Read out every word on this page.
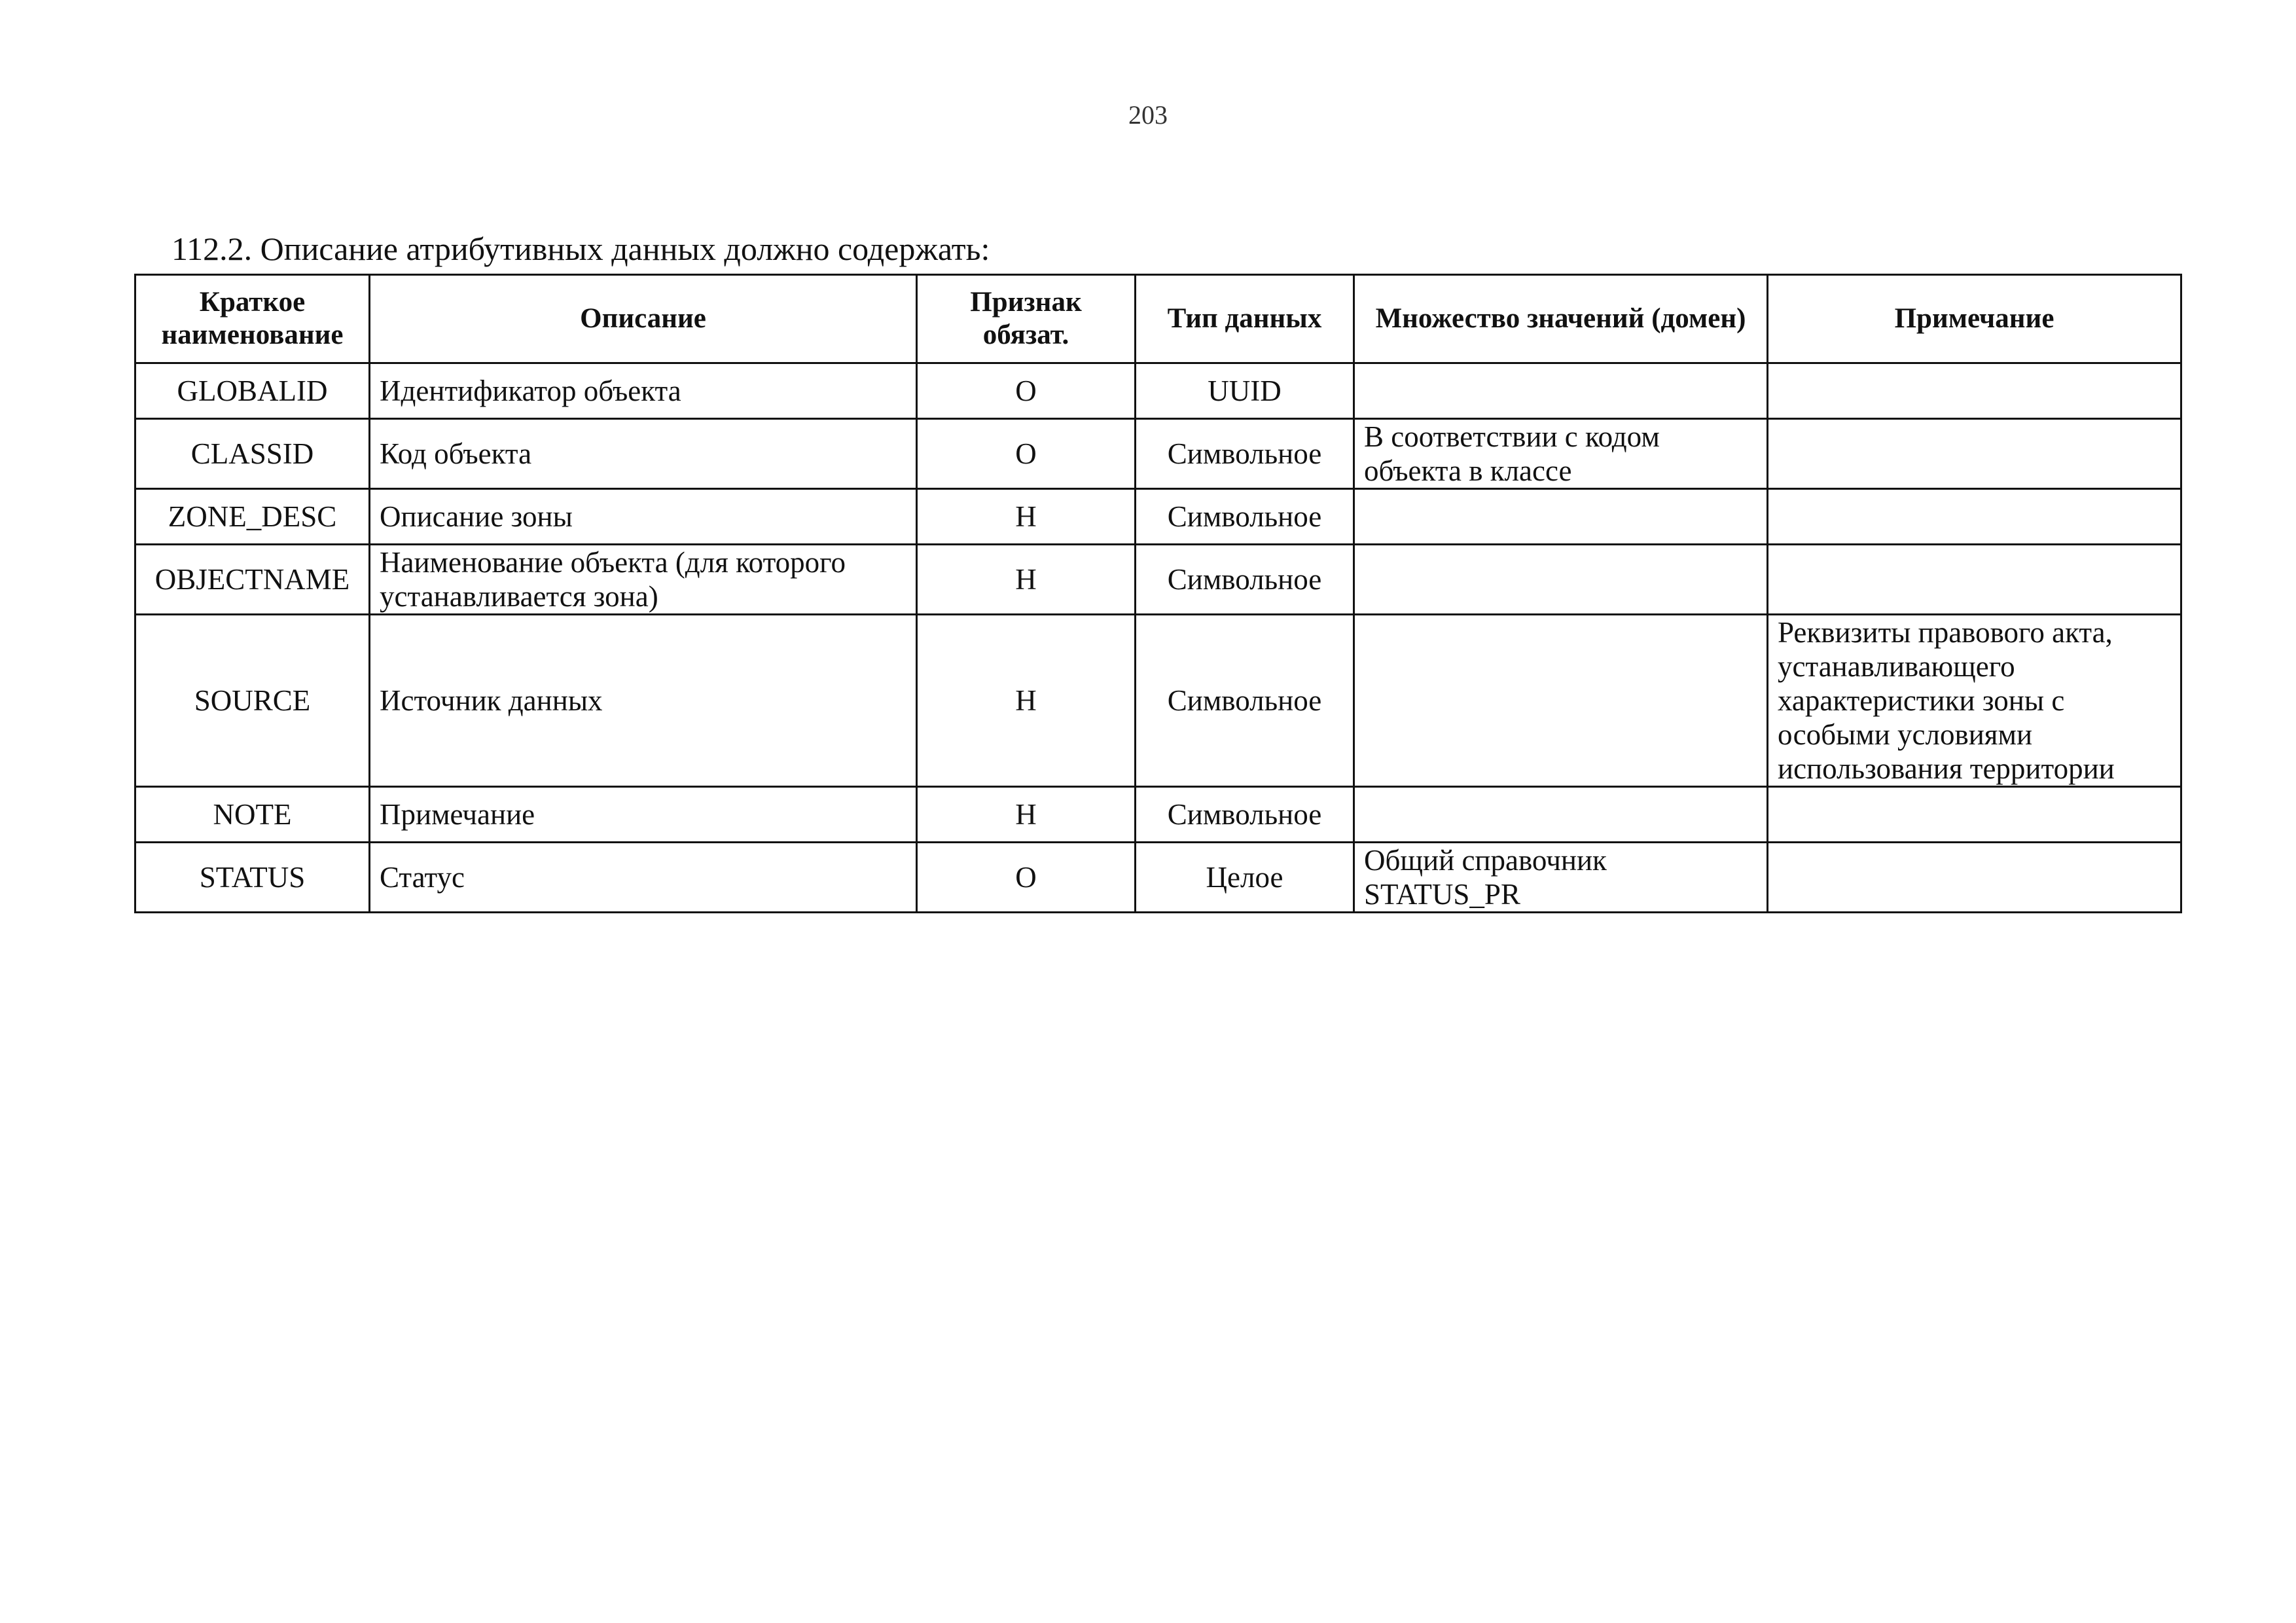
203
112.2. Описание атрибутивных данных должно содержать:
Краткое наименование	Описание	Признак обязат.	Тип данных	Множество значений (домен)	Примечание
GLOBALID	Идентификатор объекта	О	UUID		
CLASSID	Код объекта	О	Символьное	В соответствии с кодом объекта в классе	
ZONE_DESC	Описание зоны	Н	Символьное		
OBJECTNAME	Наименование объекта (для которого устанавливается зона)	Н	Символьное		
SOURCE	Источник данных	Н	Символьное		Реквизиты правового акта, устанавливающего характеристики зоны с особыми условиями использования территории
NOTE	Примечание	Н	Символьное		
STATUS	Статус	О	Целое	Общий справочник STATUS_PR	
